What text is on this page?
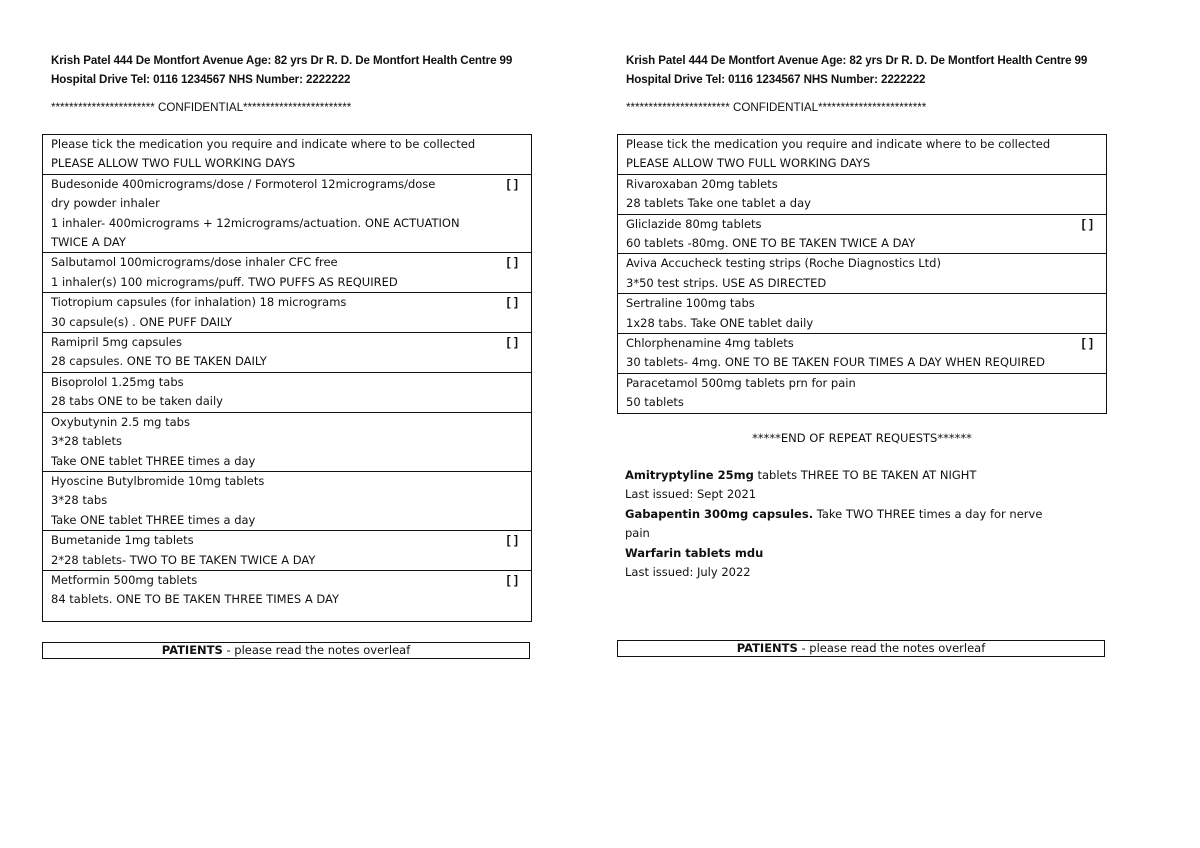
Krish Patel 444 De Montfort Avenue Age: 82 yrs Dr R. D. De Montfort Health Centre 99
Hospital Drive Tel: 0116 1234567 NHS Number: 2222222
*********************** CONFIDENTIAL************************
Please tick the medication you require and indicate where to be collected
PLEASE ALLOW TWO FULL WORKING DAYS

Budesonide 400micrograms/dose / Formoterol 12micrograms/dose
dry powder inhaler
1 inhaler- 400micrograms + 12micrograms/actuation. ONE ACTUATION
TWICE A DAY
[ ]

Salbutamol 100micrograms/dose inhaler CFC free
1 inhaler(s) 100 micrograms/puff. TWO PUFFS AS REQUIRED
[ ]

Tiotropium capsules (for inhalation) 18 micrograms
30 capsule(s) . ONE PUFF DAILY
[ ]

Ramipril 5mg capsules
28 capsules. ONE TO BE TAKEN DAILY
[ ]

Bisoprolol 1.25mg tabs
28 tabs ONE to be taken daily

Oxybutynin 2.5 mg tabs
3*28 tablets
Take ONE tablet THREE times a day

Hyoscine Butylbromide 10mg tablets
3*28 tabs
Take ONE tablet THREE times a day

Bumetanide 1mg tablets
2*28 tablets- TWO TO BE TAKEN TWICE A DAY
[ ]

Metformin 500mg tablets
84 tablets. ONE TO BE TAKEN THREE TIMES A DAY
[ ]
PATIENTS - please read the notes overleaf
Krish Patel 444 De Montfort Avenue Age: 82 yrs Dr R. D. De Montfort Health Centre 99
Hospital Drive Tel: 0116 1234567 NHS Number: 2222222
*********************** CONFIDENTIAL************************
Please tick the medication you require and indicate where to be collected
PLEASE ALLOW TWO FULL WORKING DAYS

Rivaroxaban 20mg tablets
28 tablets Take one tablet a day

Gliclazide 80mg tablets
60 tablets -80mg. ONE TO BE TAKEN TWICE A DAY
[ ]

Aviva Accucheck testing strips (Roche Diagnostics Ltd)
3*50 test strips. USE AS DIRECTED

Sertraline 100mg tabs
1x28 tabs. Take ONE tablet daily

Chlorphenamine 4mg tablets
30 tablets- 4mg. ONE TO BE TAKEN FOUR TIMES A DAY WHEN REQUIRED
[ ]

Paracetamol 500mg tablets prn for pain
50 tablets
*****END OF REPEAT REQUESTS******
Amitryptyline 25mg tablets THREE TO BE TAKEN AT NIGHT
Last issued: Sept 2021
Gabapentin 300mg capsules. Take TWO THREE times a day for nerve
pain
Warfarin tablets mdu
Last issued: July 2022
PATIENTS - please read the notes overleaf
